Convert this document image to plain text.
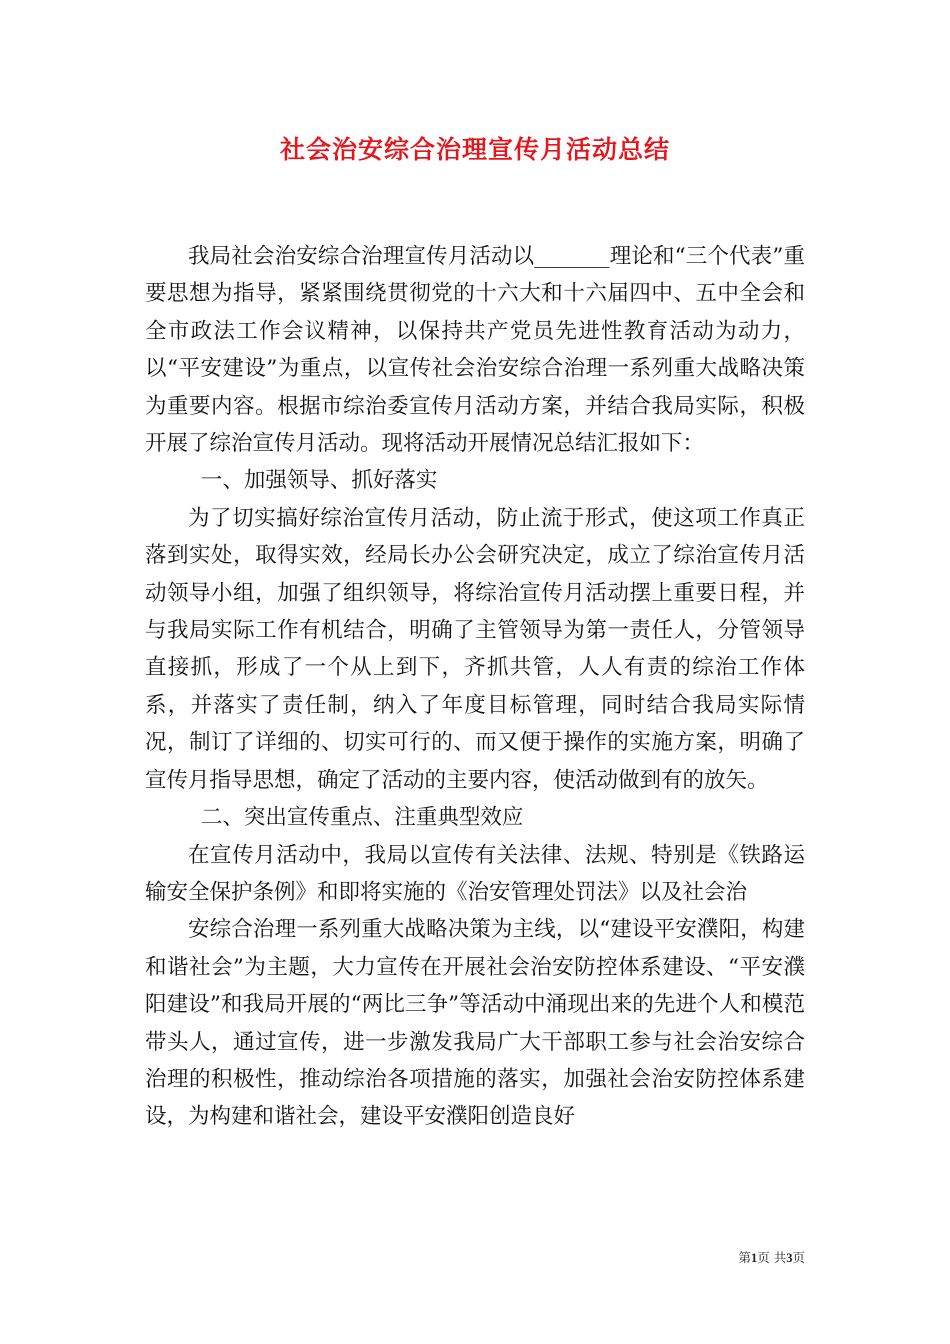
社会治安综合治理宣传月活动总结

我局社会治安综合治理宣传月活动以_______理论和“三个代表”重要思想为指导，紧紧围绕贯彻党的十六大和十六届四中、五中全会和全市政法工作会议精神，以保持共产党员先进性教育活动为动力，以“平安建设”为重点，以宣传社会治安综合治理一系列重大战略决策为重要内容。根据市综治委宣传月活动方案，并结合我局实际，积极开展了综治宣传月活动。现将活动开展情况总结汇报如下：

一、加强领导、抓好落实

为了切实搞好综治宣传月活动，防止流于形式，使这项工作真正落到实处，取得实效，经局长办公会研究决定，成立了综治宣传月活动领导小组，加强了组织领导，将综治宣传月活动摆上重要日程，并与我局实际工作有机结合，明确了主管领导为第一责任人，分管领导直接抓，形成了一个从上到下，齐抓共管，人人有责的综治工作体系，并落实了责任制，纳入了年度目标管理，同时结合我局实际情况，制订了详细的、切实可行的、而又便于操作的实施方案，明确了宣传月指导思想，确定了活动的主要内容，使活动做到有的放矢。

二、突出宣传重点、注重典型效应

在宣传月活动中，我局以宣传有关法律、法规、特别是《铁路运输安全保护条例》和即将实施的《治安管理处罚法》以及社会治

安综合治理一系列重大战略决策为主线，以“建设平安濮阳，构建和谐社会”为主题，大力宣传在开展社会治安防控体系建设、“平安濮阳建设”和我局开展的“两比三争”等活动中涌现出来的先进个人和模范带头人，通过宣传，进一步激发我局广大干部职工参与社会治安综合治理的积极性，推动综治各项措施的落实，加强社会治安防控体系建设，为构建和谐社会，建设平安濮阳创造良好

第1页 共3页
